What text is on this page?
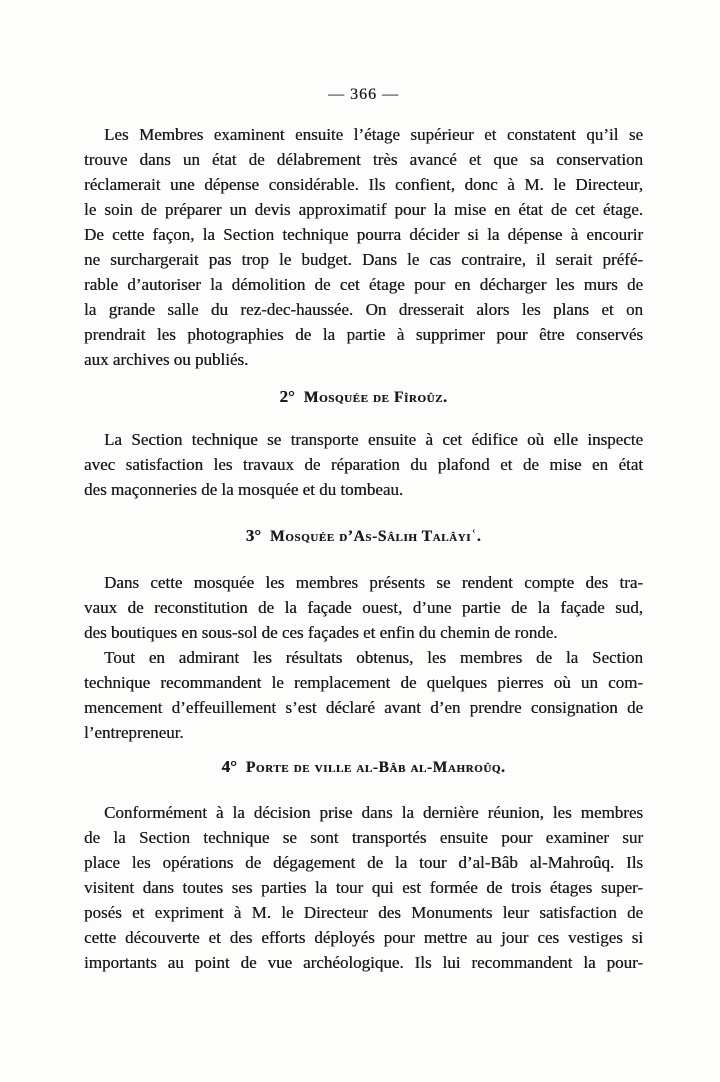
— 366 —
Les Membres examinent ensuite l’étage supérieur et constatent qu’il se
trouve dans un état de délabrement très avancé et que sa conservation
réclamerait une dépense considérable. Ils confient, donc à M. le Directeur,
le soin de préparer un devis approximatif pour la mise en état de cet étage.
De cette façon, la Section technique pourra décider si la dépense à encourir
ne surchargerait pas trop le budget. Dans le cas contraire, il serait préfé-
rable d’autoriser la démolition de cet étage pour en décharger les murs de
la grande salle du rez-dec-haussée. On dresserait alors les plans et on
prendrait les photographies de la partie à supprimer pour être conservés
aux archives ou publiés.
2° Mosquée de Fîroûz.
La Section technique se transporte ensuite à cet édifice où elle inspecte
avec satisfaction les travaux de réparation du plafond et de mise en état
des maçonneries de la mosquée et du tombeau.
3° Mosquée d’As-Sâlih Talâyiʿ.
Dans cette mosquée les membres présents se rendent compte des tra-
vaux de reconstitution de la façade ouest, d’une partie de la façade sud,
des boutiques en sous-sol de ces façades et enfin du chemin de ronde.
Tout en admirant les résultats obtenus, les membres de la Section
technique recommandent le remplacement de quelques pierres où un com-
mencement d’effeuillement s’est déclaré avant d’en prendre consignation de
l’entrepreneur.
4° Porte de ville al-Bâb al-Mahroûq.
Conformément à la décision prise dans la dernière réunion, les membres
de la Section technique se sont transportés ensuite pour examiner sur
place les opérations de dégagement de la tour d’al-Bâb al-Mahroûq. Ils
visitent dans toutes ses parties la tour qui est formée de trois étages super-
posés et expriment à M. le Directeur des Monuments leur satisfaction de
cette découverte et des efforts déployés pour mettre au jour ces vestiges si
importants au point de vue archéologique. Ils lui recommandent la pour-
